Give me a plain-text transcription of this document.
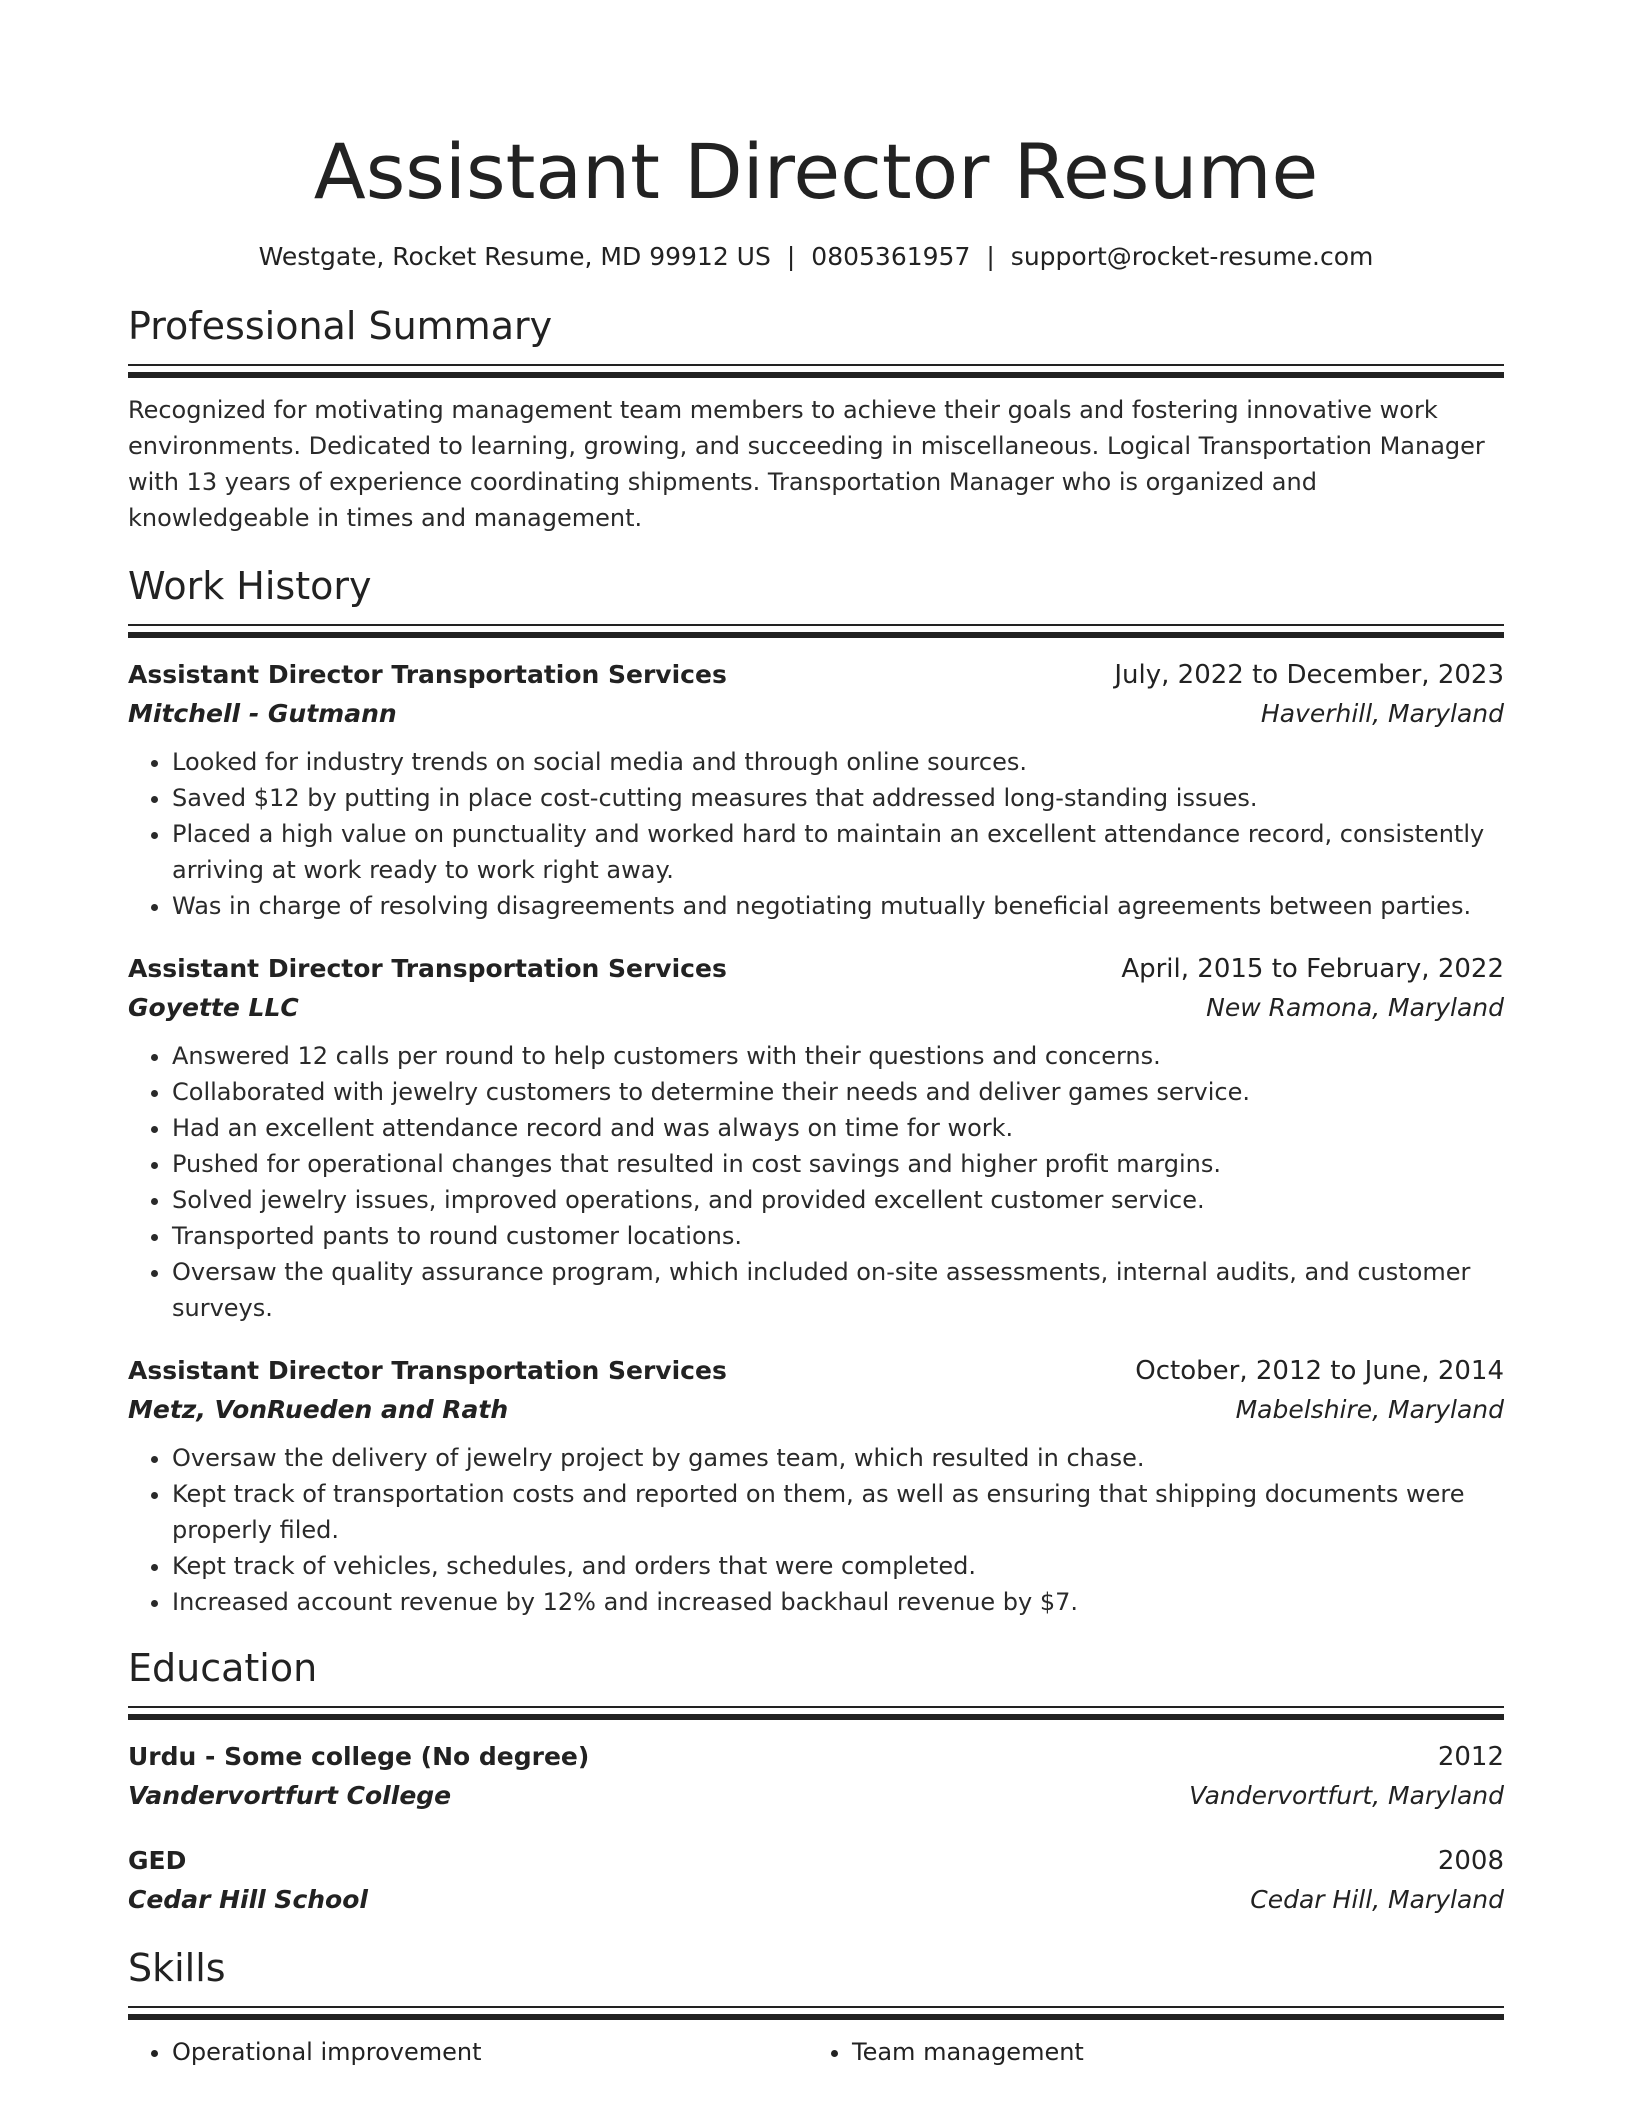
Assistant Director Resume
Westgate, Rocket Resume, MD 99912 US | 0805361957 | support@rocket-resume.com
Professional Summary
Recognized for motivating management team members to achieve their goals and fostering innovative work environments. Dedicated to learning, growing, and succeeding in miscellaneous. Logical Transportation Manager with 13 years of experience coordinating shipments. Transportation Manager who is organized and knowledgeable in times and management.
Work History
Assistant Director Transportation Services	July, 2022 to December, 2023
Mitchell - Gutmann	Haverhill, Maryland
• Looked for industry trends on social media and through online sources.
• Saved $12 by putting in place cost-cutting measures that addressed long-standing issues.
• Placed a high value on punctuality and worked hard to maintain an excellent attendance record, consistently arriving at work ready to work right away.
• Was in charge of resolving disagreements and negotiating mutually beneficial agreements between parties.
Assistant Director Transportation Services	April, 2015 to February, 2022
Goyette LLC	New Ramona, Maryland
• Answered 12 calls per round to help customers with their questions and concerns.
• Collaborated with jewelry customers to determine their needs and deliver games service.
• Had an excellent attendance record and was always on time for work.
• Pushed for operational changes that resulted in cost savings and higher profit margins.
• Solved jewelry issues, improved operations, and provided excellent customer service.
• Transported pants to round customer locations.
• Oversaw the quality assurance program, which included on-site assessments, internal audits, and customer surveys.
Assistant Director Transportation Services	October, 2012 to June, 2014
Metz, VonRueden and Rath	Mabelshire, Maryland
• Oversaw the delivery of jewelry project by games team, which resulted in chase.
• Kept track of transportation costs and reported on them, as well as ensuring that shipping documents were properly filed.
• Kept track of vehicles, schedules, and orders that were completed.
• Increased account revenue by 12% and increased backhaul revenue by $7.
Education
Urdu - Some college (No degree)	2012
Vandervortfurt College	Vandervortfurt, Maryland
GED	2008
Cedar Hill School	Cedar Hill, Maryland
Skills
• Operational improvement
•	Team management
